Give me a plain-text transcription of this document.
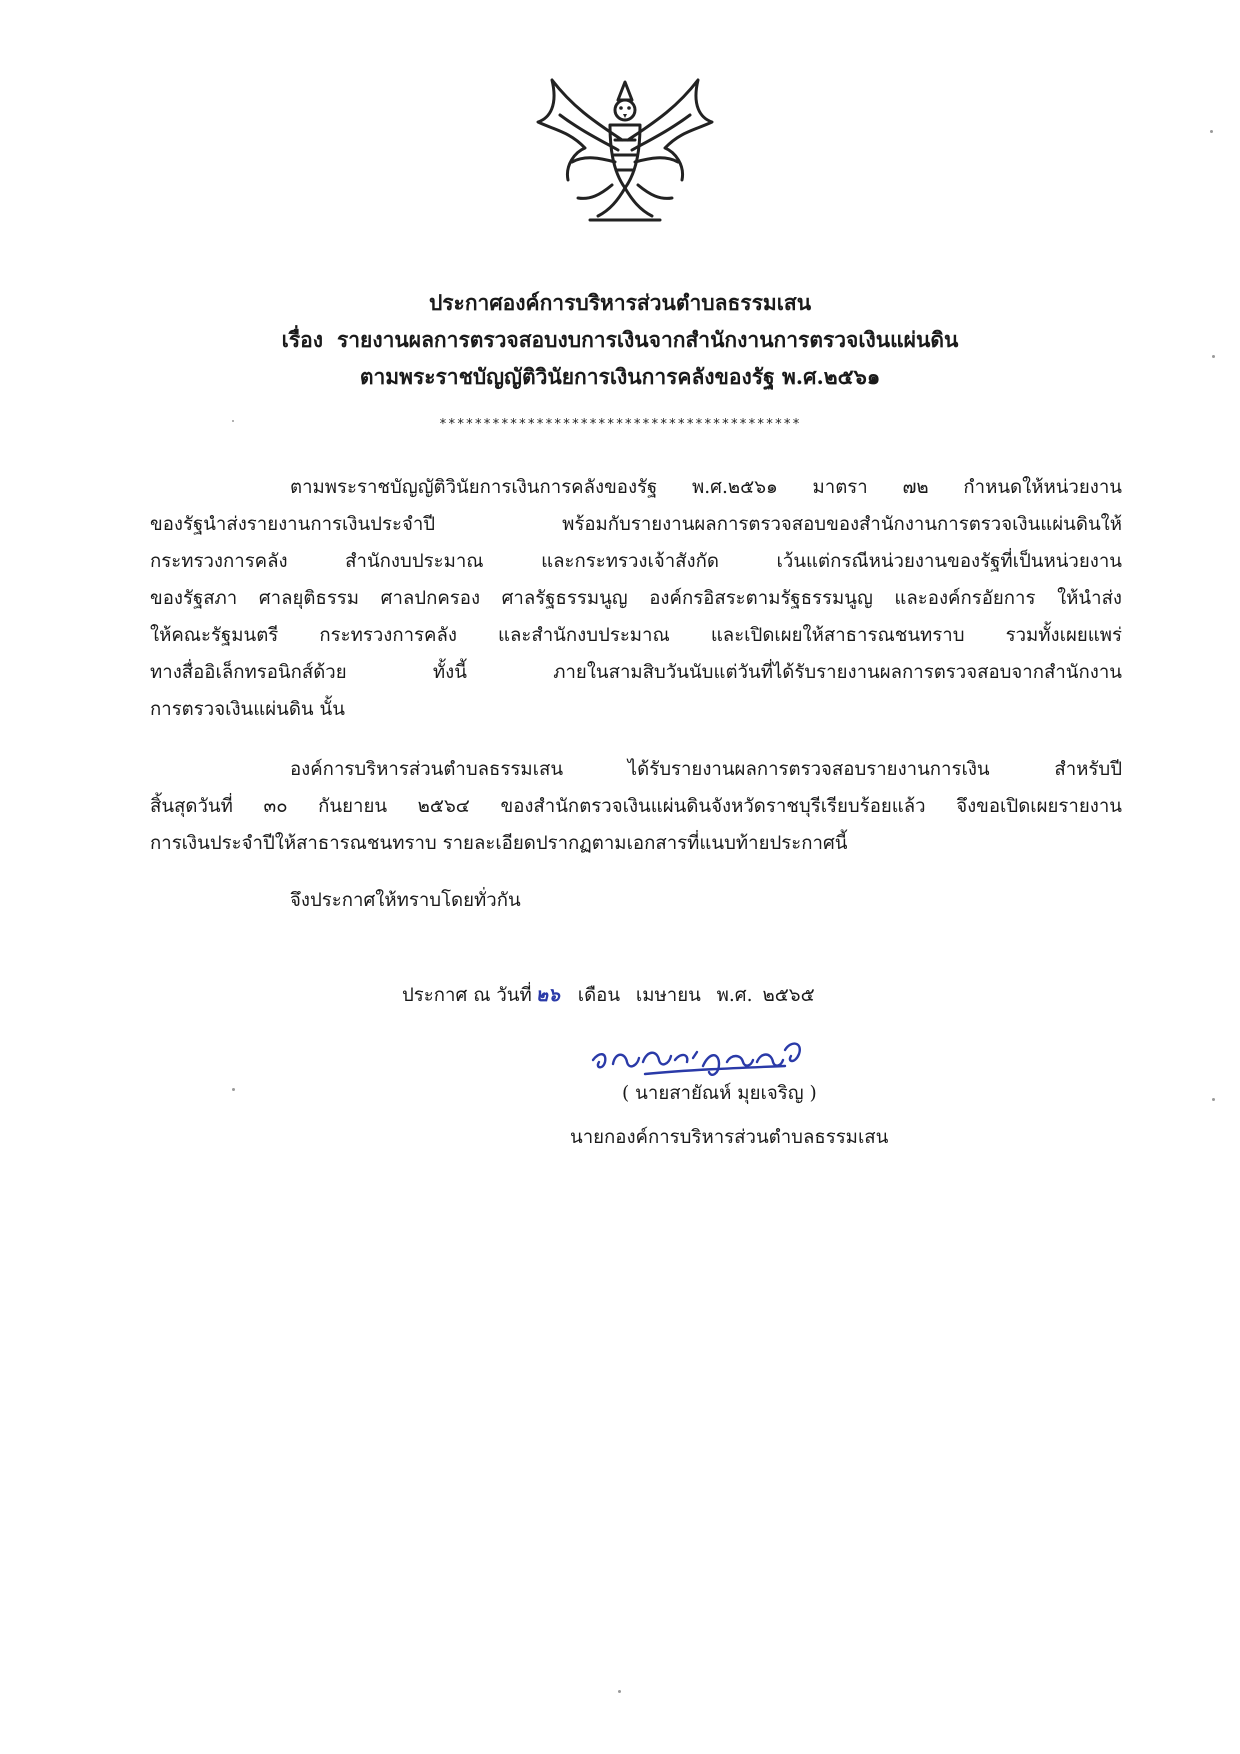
ประกาศองค์การบริหารส่วนตำบลธรรมเสน
เรื่อง รายงานผลการตรวจสอบงบการเงินจากสำนักงานการตรวจเงินแผ่นดิน
ตามพระราชบัญญัติวินัยการเงินการคลังของรัฐ พ.ศ.๒๕๖๑
*****************************************
ตามพระราชบัญญัติวินัยการเงินการคลังของรัฐ พ.ศ.๒๕๖๑ มาตรา ๗๒ กำหนดให้หน่วยงาน
ของรัฐนำส่งรายงานการเงินประจำปี พร้อมกับรายงานผลการตรวจสอบของสำนักงานการตรวจเงินแผ่นดินให้
กระทรวงการคลัง สำนักงบประมาณ และกระทรวงเจ้าสังกัด เว้นแต่กรณีหน่วยงานของรัฐที่เป็นหน่วยงาน
ของรัฐสภา ศาลยุติธรรม ศาลปกครอง ศาลรัฐธรรมนูญ องค์กรอิสระตามรัฐธรรมนูญ และองค์กรอัยการ ให้นำส่ง
ให้คณะรัฐมนตรี กระทรวงการคลัง และสำนักงบประมาณ และเปิดเผยให้สาธารณชนทราบ รวมทั้งเผยแพร่
ทางสื่ออิเล็กทรอนิกส์ด้วย ทั้งนี้ ภายในสามสิบวันนับแต่วันที่ได้รับรายงานผลการตรวจสอบจากสำนักงาน
การตรวจเงินแผ่นดิน นั้น
องค์การบริหารส่วนตำบลธรรมเสน ได้รับรายงานผลการตรวจสอบรายงานการเงิน สำหรับปี
สิ้นสุดวันที่ ๓๐ กันยายน ๒๕๖๔ ของสำนักตรวจเงินแผ่นดินจังหวัดราชบุรีเรียบร้อยแล้ว จึงขอเปิดเผยรายงาน
การเงินประจำปีให้สาธารณชนทราบ รายละเอียดปรากฏตามเอกสารที่แนบท้ายประกาศนี้
จึงประกาศให้ทราบโดยทั่วกัน
ประกาศ ณ วันที่ ๒๖ เดือน เมษายน พ.ศ. ๒๕๖๕
( นายสายัณห์ มุยเจริญ )
นายกองค์การบริหารส่วนตำบลธรรมเสน
